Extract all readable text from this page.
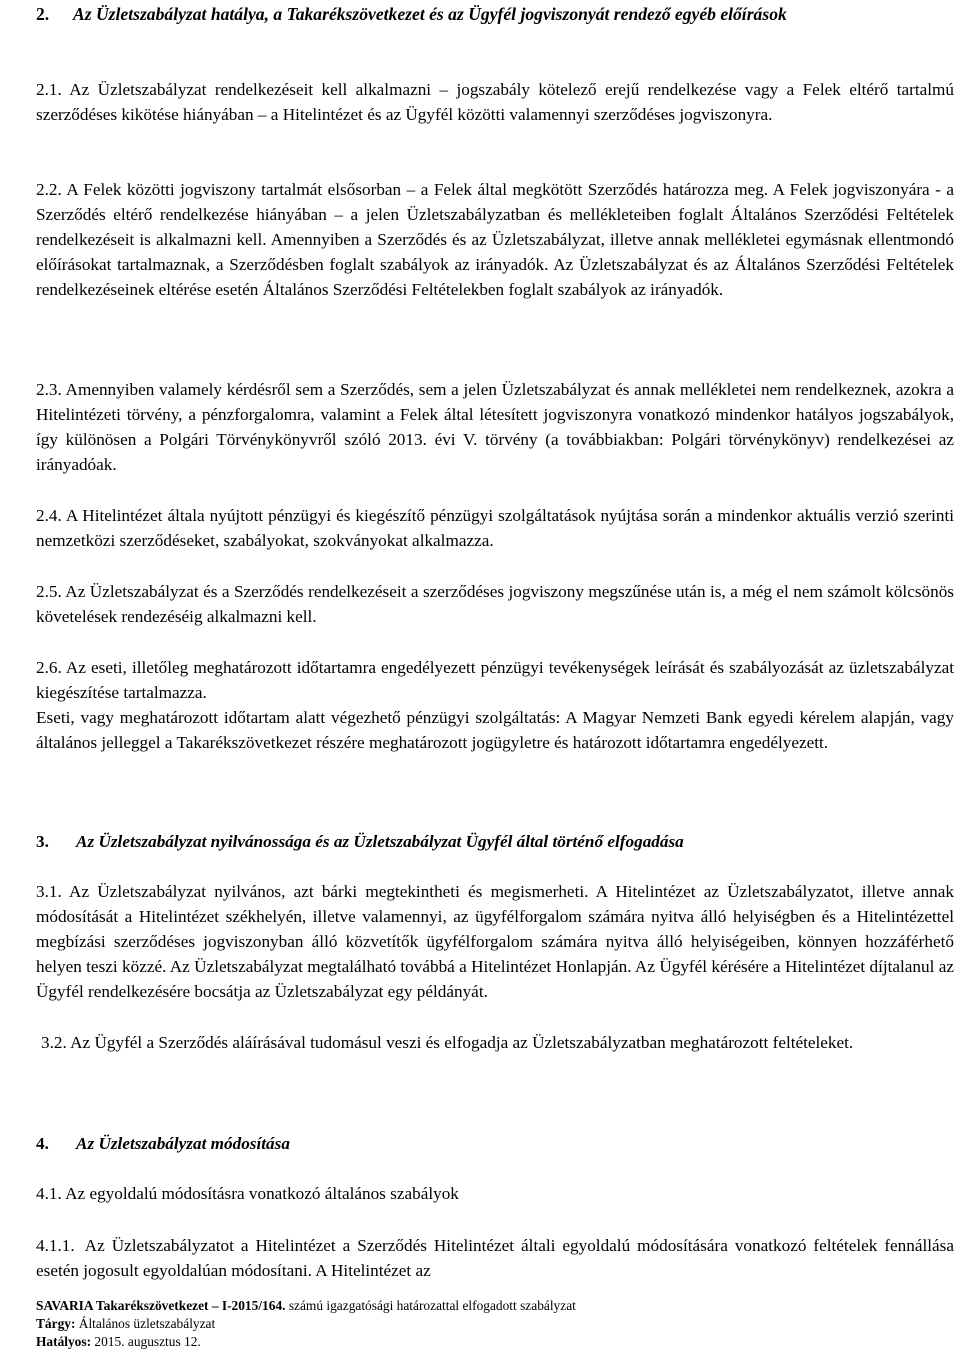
2. Az Üzletszabályzat hatálya, a Takarékszövetkezet és az Ügyfél jogviszonyát rendező egyéb előírások

2.1. Az Üzletszabályzat rendelkezéseit kell alkalmazni – jogszabály kötelező erejű rendelkezése vagy a Felek eltérő tartalmú szerződéses kikötése hiányában – a Hitelintézet és az Ügyfél közötti valamennyi szerződéses jogviszonyra.

2.2. A Felek közötti jogviszony tartalmát elsősorban – a Felek által megkötött Szerződés határozza meg. A Felek jogviszonyára - a Szerződés eltérő rendelkezése hiányában – a jelen Üzletszabályzatban és mellékleteiben foglalt Általános Szerződési Feltételek rendelkezéseit is alkalmazni kell. Amennyiben a Szerződés és az Üzletszabályzat, illetve annak mellékletei egymásnak ellentmondó előírásokat tartalmaznak, a Szerződésben foglalt szabályok az irányadók. Az Üzletszabályzat és az Általános Szerződési Feltételek rendelkezéseinek eltérése esetén Általános Szerződési Feltételekben foglalt szabályok az irányadók.

2.3. Amennyiben valamely kérdésről sem a Szerződés, sem a jelen Üzletszabályzat és annak mellékletei nem rendelkeznek, azokra a Hitelintézeti törvény, a pénzforgalomra, valamint a Felek által létesített jogviszonyra vonatkozó mindenkor hatályos jogszabályok, így különösen a Polgári Törvénykönyvről szóló 2013. évi V. törvény (a továbbiakban: Polgári törvénykönyv) rendelkezései az irányadóak.

2.4. A Hitelintézet általa nyújtott pénzügyi és kiegészítő pénzügyi szolgáltatások nyújtása során a mindenkor aktuális verzió szerinti nemzetközi szerződéseket, szabályokat, szokványokat alkalmazza.

2.5. Az Üzletszabályzat és a Szerződés rendelkezéseit a szerződéses jogviszony megszűnése után is, a még el nem számolt kölcsönös követelések rendezéséig alkalmazni kell.

2.6. Az eseti, illetőleg meghatározott időtartamra engedélyezett pénzügyi tevékenységek leírását és szabályozását az üzletszabályzat kiegészítése tartalmazza.

Eseti, vagy meghatározott időtartam alatt végezhető pénzügyi szolgáltatás: A Magyar Nemzeti Bank egyedi kérelem alapján, vagy általános jelleggel a Takarékszövetkezet részére meghatározott jogügyletre és határozott időtartamra engedélyezett.

3. Az Üzletszabályzat nyilvánossága és az Üzletszabályzat Ügyfél által történő elfogadása

3.1. Az Üzletszabályzat nyilvános, azt bárki megtekintheti és megismerheti. A Hitelintézet az Üzletszabályzatot, illetve annak módosítását a Hitelintézet székhelyén, illetve valamennyi, az ügyfélforgalom számára nyitva álló helyiségben és a Hitelintézettel megbízási szerződéses jogviszonyban álló közvetítők ügyfélforgalom számára nyitva álló helyiségeiben, könnyen hozzáférhető helyen teszi közzé. Az Üzletszabályzat megtalálható továbbá a Hitelintézet Honlapján. Az Ügyfél kérésére a Hitelintézet díjtalanul az Ügyfél rendelkezésére bocsátja az Üzletszabályzat egy példányát.

3.2. Az Ügyfél a Szerződés aláírásával tudomásul veszi és elfogadja az Üzletszabályzatban meghatározott feltételeket.

4. Az Üzletszabályzat módosítása

4.1. Az egyoldalú módosításra vonatkozó általános szabályok

4.1.1. Az Üzletszabályzatot a Hitelintézet a Szerződés Hitelintézet általi egyoldalú módosítására vonatkozó feltételek fennállása esetén jogosult egyoldalúan módosítani. A Hitelintézet az

SAVARIA Takarékszövetkezet – I-2015/164. számú igazgatósági határozattal elfogadott szabályzat
Tárgy: Általános üzletszabályzat
Hatályos: 2015. augusztus 12.
